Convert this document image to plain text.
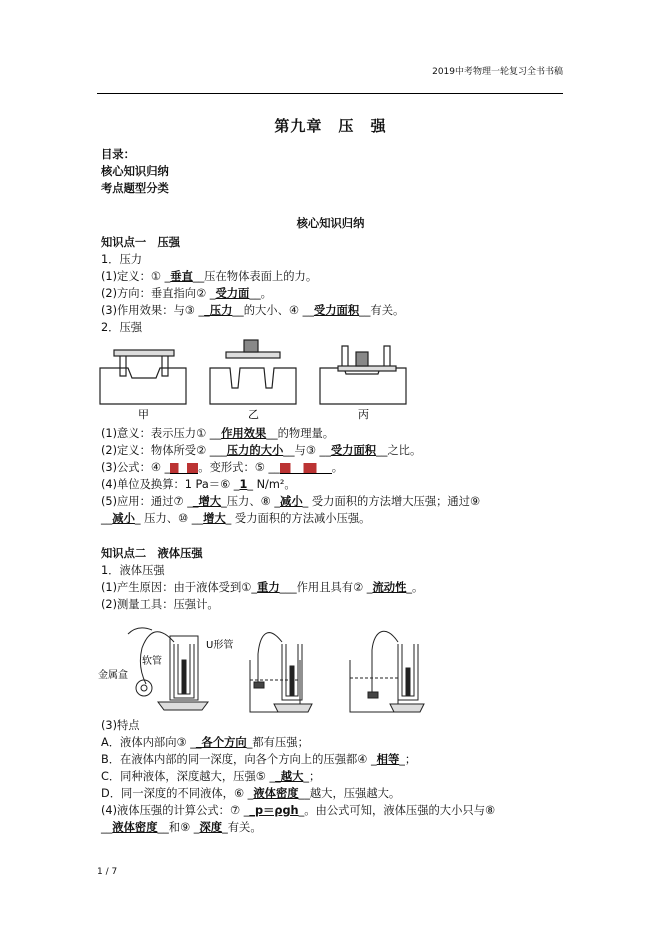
2019中考物理一轮复习全书书稿
第九章　压 强
目录：
核心知识归纳
考点题型分类
核心知识归纳
知识点一　压强
1．压力
(1)定义：① _垂直__压在物体表面上的力。
(2)方向：垂直指向② _受力面__。
(3)作用效果：与③ __压力__的大小、④ __受力面积__有关。
2．压强
甲	乙	丙
(1)意义：表示压力① __作用效果__的物理量。
(2)定义：物体所受② ___压力的大小__与③ __受力面积__之比。
(3)公式：④ _ 。变形式：⑤ __	。
(4)单位及换算：1 Pa＝⑥ _1_ N/m²。
(5)应用：通过⑦ __增大_压力、⑧ _减小_ 受力面积的方法增大压强；通过⑨
__减小_ 压力、⑩ __增大_ 受力面积的方法减小压强。
知识点二　液体压强
1．液体压强
(1)产生原因：由于液体受到①_重力___作用且具有② _流动性_。
(2)测量工具：压强计。
金属盒
软管
U形管
(3)特点
A．液体内部向③ __各个方向_都有压强；
B．在液体内部的同一深度，向各个方向上的压强都④ _相等_；
C．同种液体，深度越大，压强⑤ __越大_；
D．同一深度的不同液体，⑥ _液体密度__越大，压强越大。
(4)液体压强的计算公式：⑦ __p＝ρgh_。由公式可知，液体压强的大小只与⑧
__液体密度__和⑨ _深度_有关。
1 / 7
